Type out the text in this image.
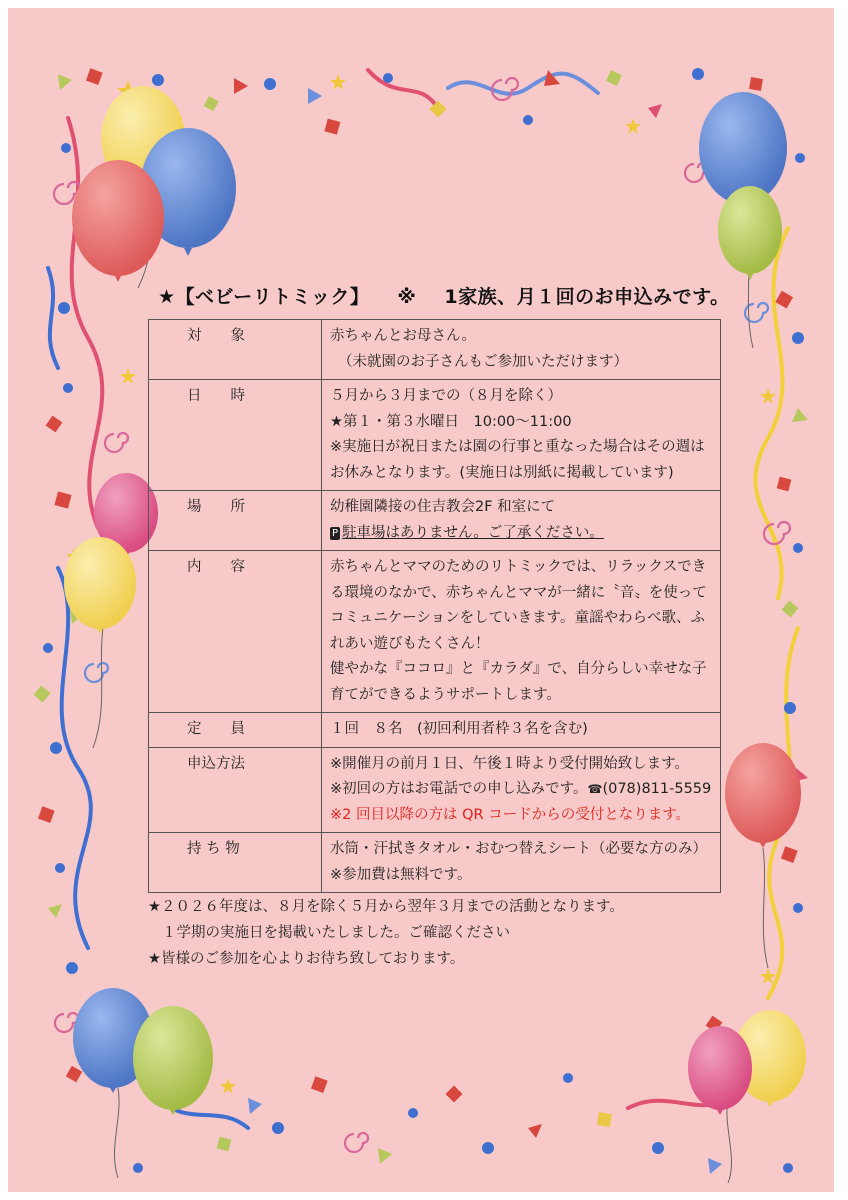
★【ベビーリトミック】 ※ 1家族、月１回のお申込みです。
対　　象	赤ちゃんとお母さん。
（未就園のお子さんもご参加いただけます）

日　　時	５月から３月までの（８月を除く）
★第１・第３水曜日　10:00～11:00
※実施日が祝日または園の行事と重なった場合はその週はお休みとなります。(実施日は別紙に掲載しています)

場　　所	幼稚園隣接の住吉教会2F 和室にて
P 駐車場はありません。ご了承ください。

内　　容	赤ちゃんとママのためのリトミックでは、リラックスできる環境のなかで、赤ちゃんとママが一緒に〝音〟を使ってコミュニケーションをしていきます。童謡やわらべ歌、ふれあい遊びもたくさん！
健やかな『ココロ』と『カラダ』で、自分らしい幸せな子育てができるようサポートします。

定　　員	１回　８名　(初回利用者枠３名を含む)

申込方法	※開催月の前月１日、午後１時より受付開始致します。
※初回の方はお電話での申し込みです。☎(078)811-5559
※2 回目以降の方は QR コードからの受付となります。

持 ち 物	水筒・汗拭きタオル・おむつ替えシート（必要な方のみ）
※参加費は無料です。
★２０２６年度は、８月を除く５月から翌年３月までの活動となります。
１学期の実施日を掲載いたしました。ご確認ください
★皆様のご参加を心よりお待ち致しております。
